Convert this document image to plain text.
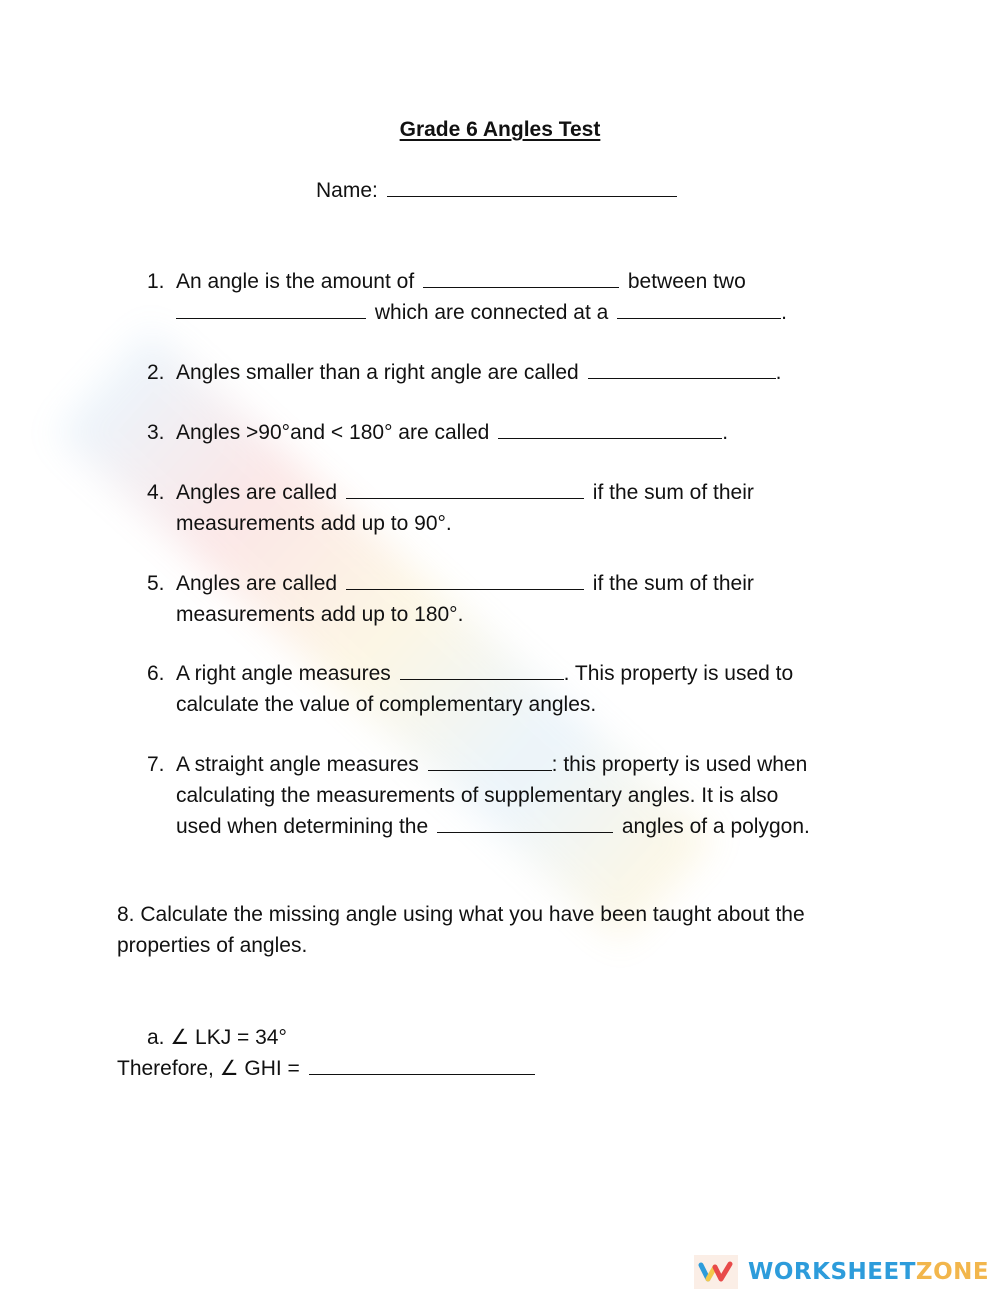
Grade 6 Angles Test
Name:
1. An angle is the amount of	between two
which are connected at a	.
2. Angles smaller than a right angle are called	.
3. Angles >90°and < 180° are called	.
4. Angles are called	if the sum of their
measurements add up to 90°.
5. Angles are called	if the sum of their
measurements add up to 180°.
6. A right angle measures	. This property is used to
calculate the value of complementary angles.
7. A straight angle measures	: this property is used when
calculating the measurements of supplementary angles. It is also
used when determining the	angles of a polygon.
8. Calculate the missing angle using what you have been taught about the
properties of angles.
a. ∠ LKJ = 34°
Therefore, ∠ GHI =
WORKSHEETZONE
